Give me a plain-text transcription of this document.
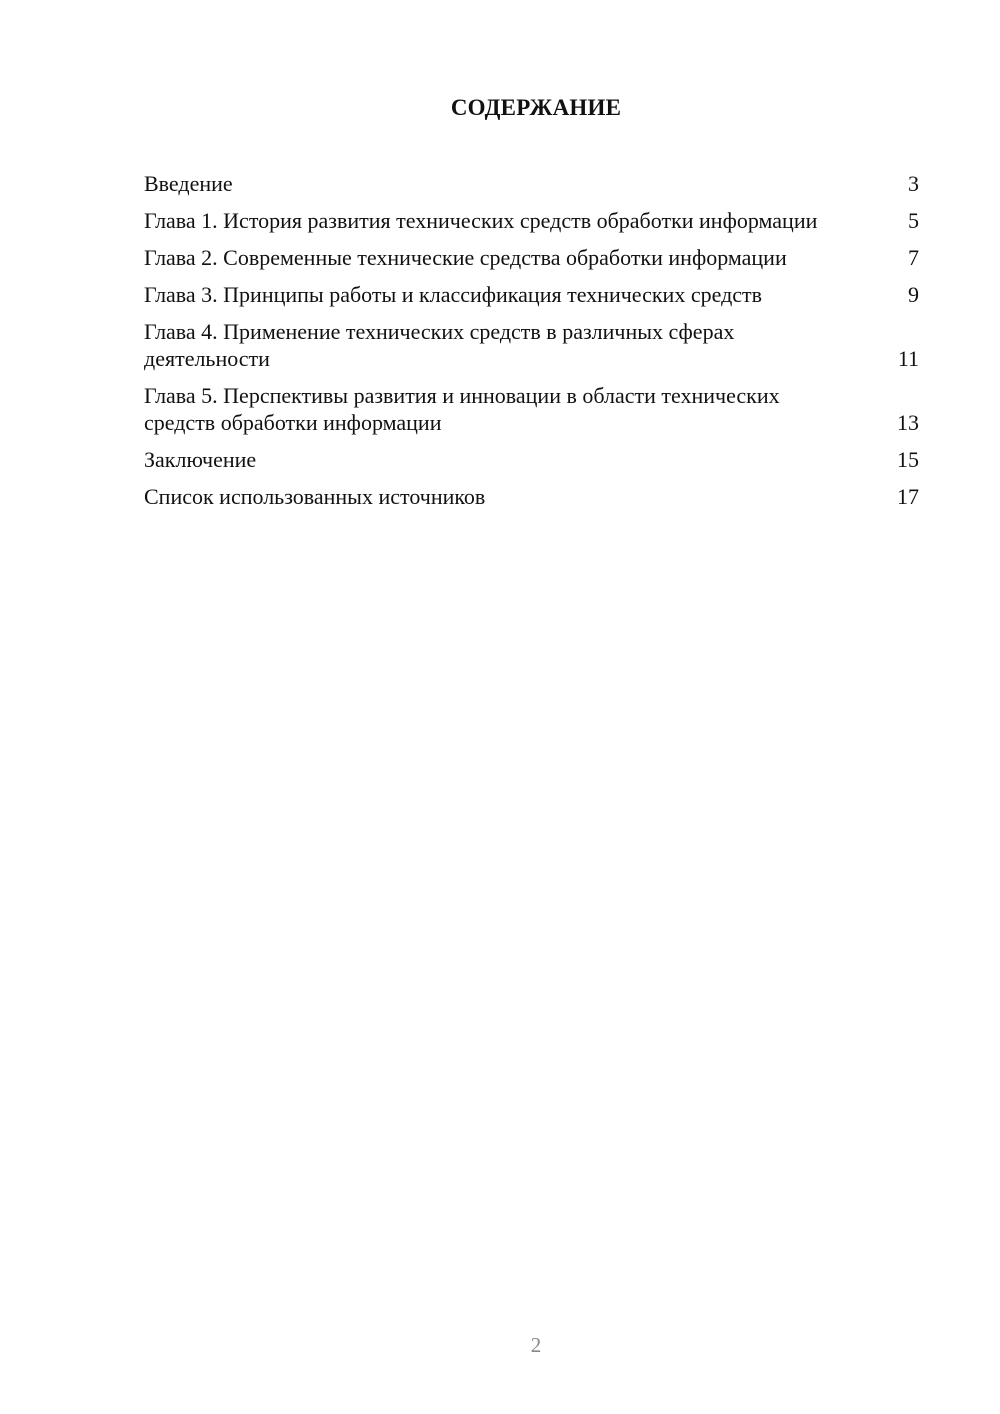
СОДЕРЖАНИЕ
Введение	3
Глава 1. История развития технических средств обработки информации	5
Глава 2. Современные технические средства обработки информации	7
Глава 3. Принципы работы и классификация технических средств	9
Глава 4. Применение технических средств в различных сферах деятельности	11
Глава 5. Перспективы развития и инновации в области технических средств обработки информации	13
Заключение	15
Список использованных источников	17
2
